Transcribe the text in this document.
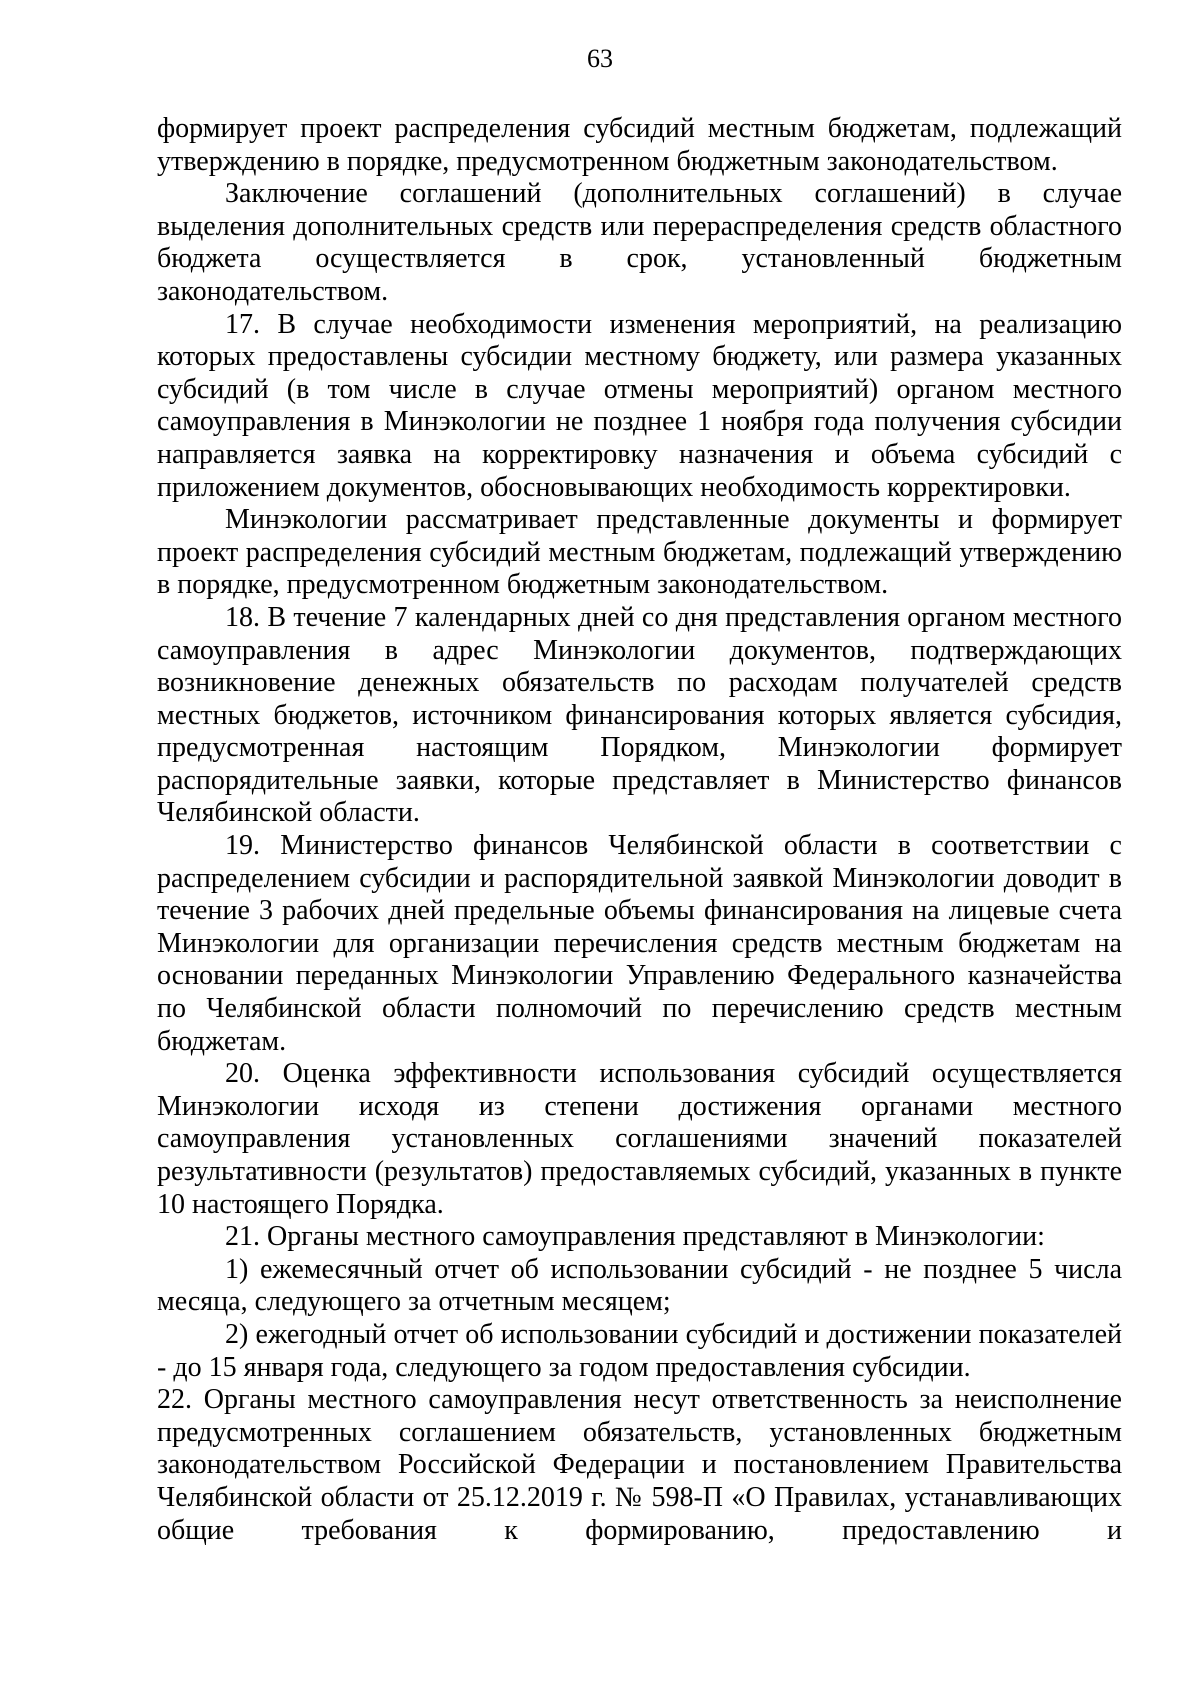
63

формирует проект распределения субсидий местным бюджетам, подлежащий утверждению в порядке, предусмотренном бюджетным законодательством.

Заключение соглашений (дополнительных соглашений) в случае выделения дополнительных средств или перераспределения средств областного бюджета осуществляется в срок, установленный бюджетным законодательством.

17. В случае необходимости изменения мероприятий, на реализацию которых предоставлены субсидии местному бюджету, или размера указанных субсидий (в том числе в случае отмены мероприятий) органом местного самоуправления в Минэкологии не позднее 1 ноября года получения субсидии направляется заявка на корректировку назначения и объема субсидий с приложением документов, обосновывающих необходимость корректировки.

Минэкологии рассматривает представленные документы и формирует проект распределения субсидий местным бюджетам, подлежащий утверждению в порядке, предусмотренном бюджетным законодательством.

18. В течение 7 календарных дней со дня представления органом местного самоуправления в адрес Минэкологии документов, подтверждающих возникновение денежных обязательств по расходам получателей средств местных бюджетов, источником финансирования которых является субсидия, предусмотренная настоящим Порядком, Минэкологии формирует распорядительные заявки, которые представляет в Министерство финансов Челябинской области.

19. Министерство финансов Челябинской области в соответствии с распределением субсидии и распорядительной заявкой Минэкологии доводит в течение 3 рабочих дней предельные объемы финансирования на лицевые счета Минэкологии для организации перечисления средств местным бюджетам на основании переданных Минэкологии Управлению Федерального казначейства по Челябинской области полномочий по перечислению средств местным бюджетам.

20. Оценка эффективности использования субсидий осуществляется Минэкологии исходя из степени достижения органами местного самоуправления установленных соглашениями значений показателей результативности (результатов) предоставляемых субсидий, указанных в пункте 10 настоящего Порядка.

21. Органы местного самоуправления представляют в Минэкологии:

1) ежемесячный отчет об использовании субсидий - не позднее 5 числа месяца, следующего за отчетным месяцем;

2) ежегодный отчет об использовании субсидий и достижении показателей - до 15 января года, следующего за годом предоставления субсидии.

22. Органы местного самоуправления несут ответственность за неисполнение предусмотренных соглашением обязательств, установленных бюджетным законодательством Российской Федерации и постановлением Правительства Челябинской области от 25.12.2019 г. № 598-П «О Правилах, устанавливающих общие требования к формированию, предоставлению и
